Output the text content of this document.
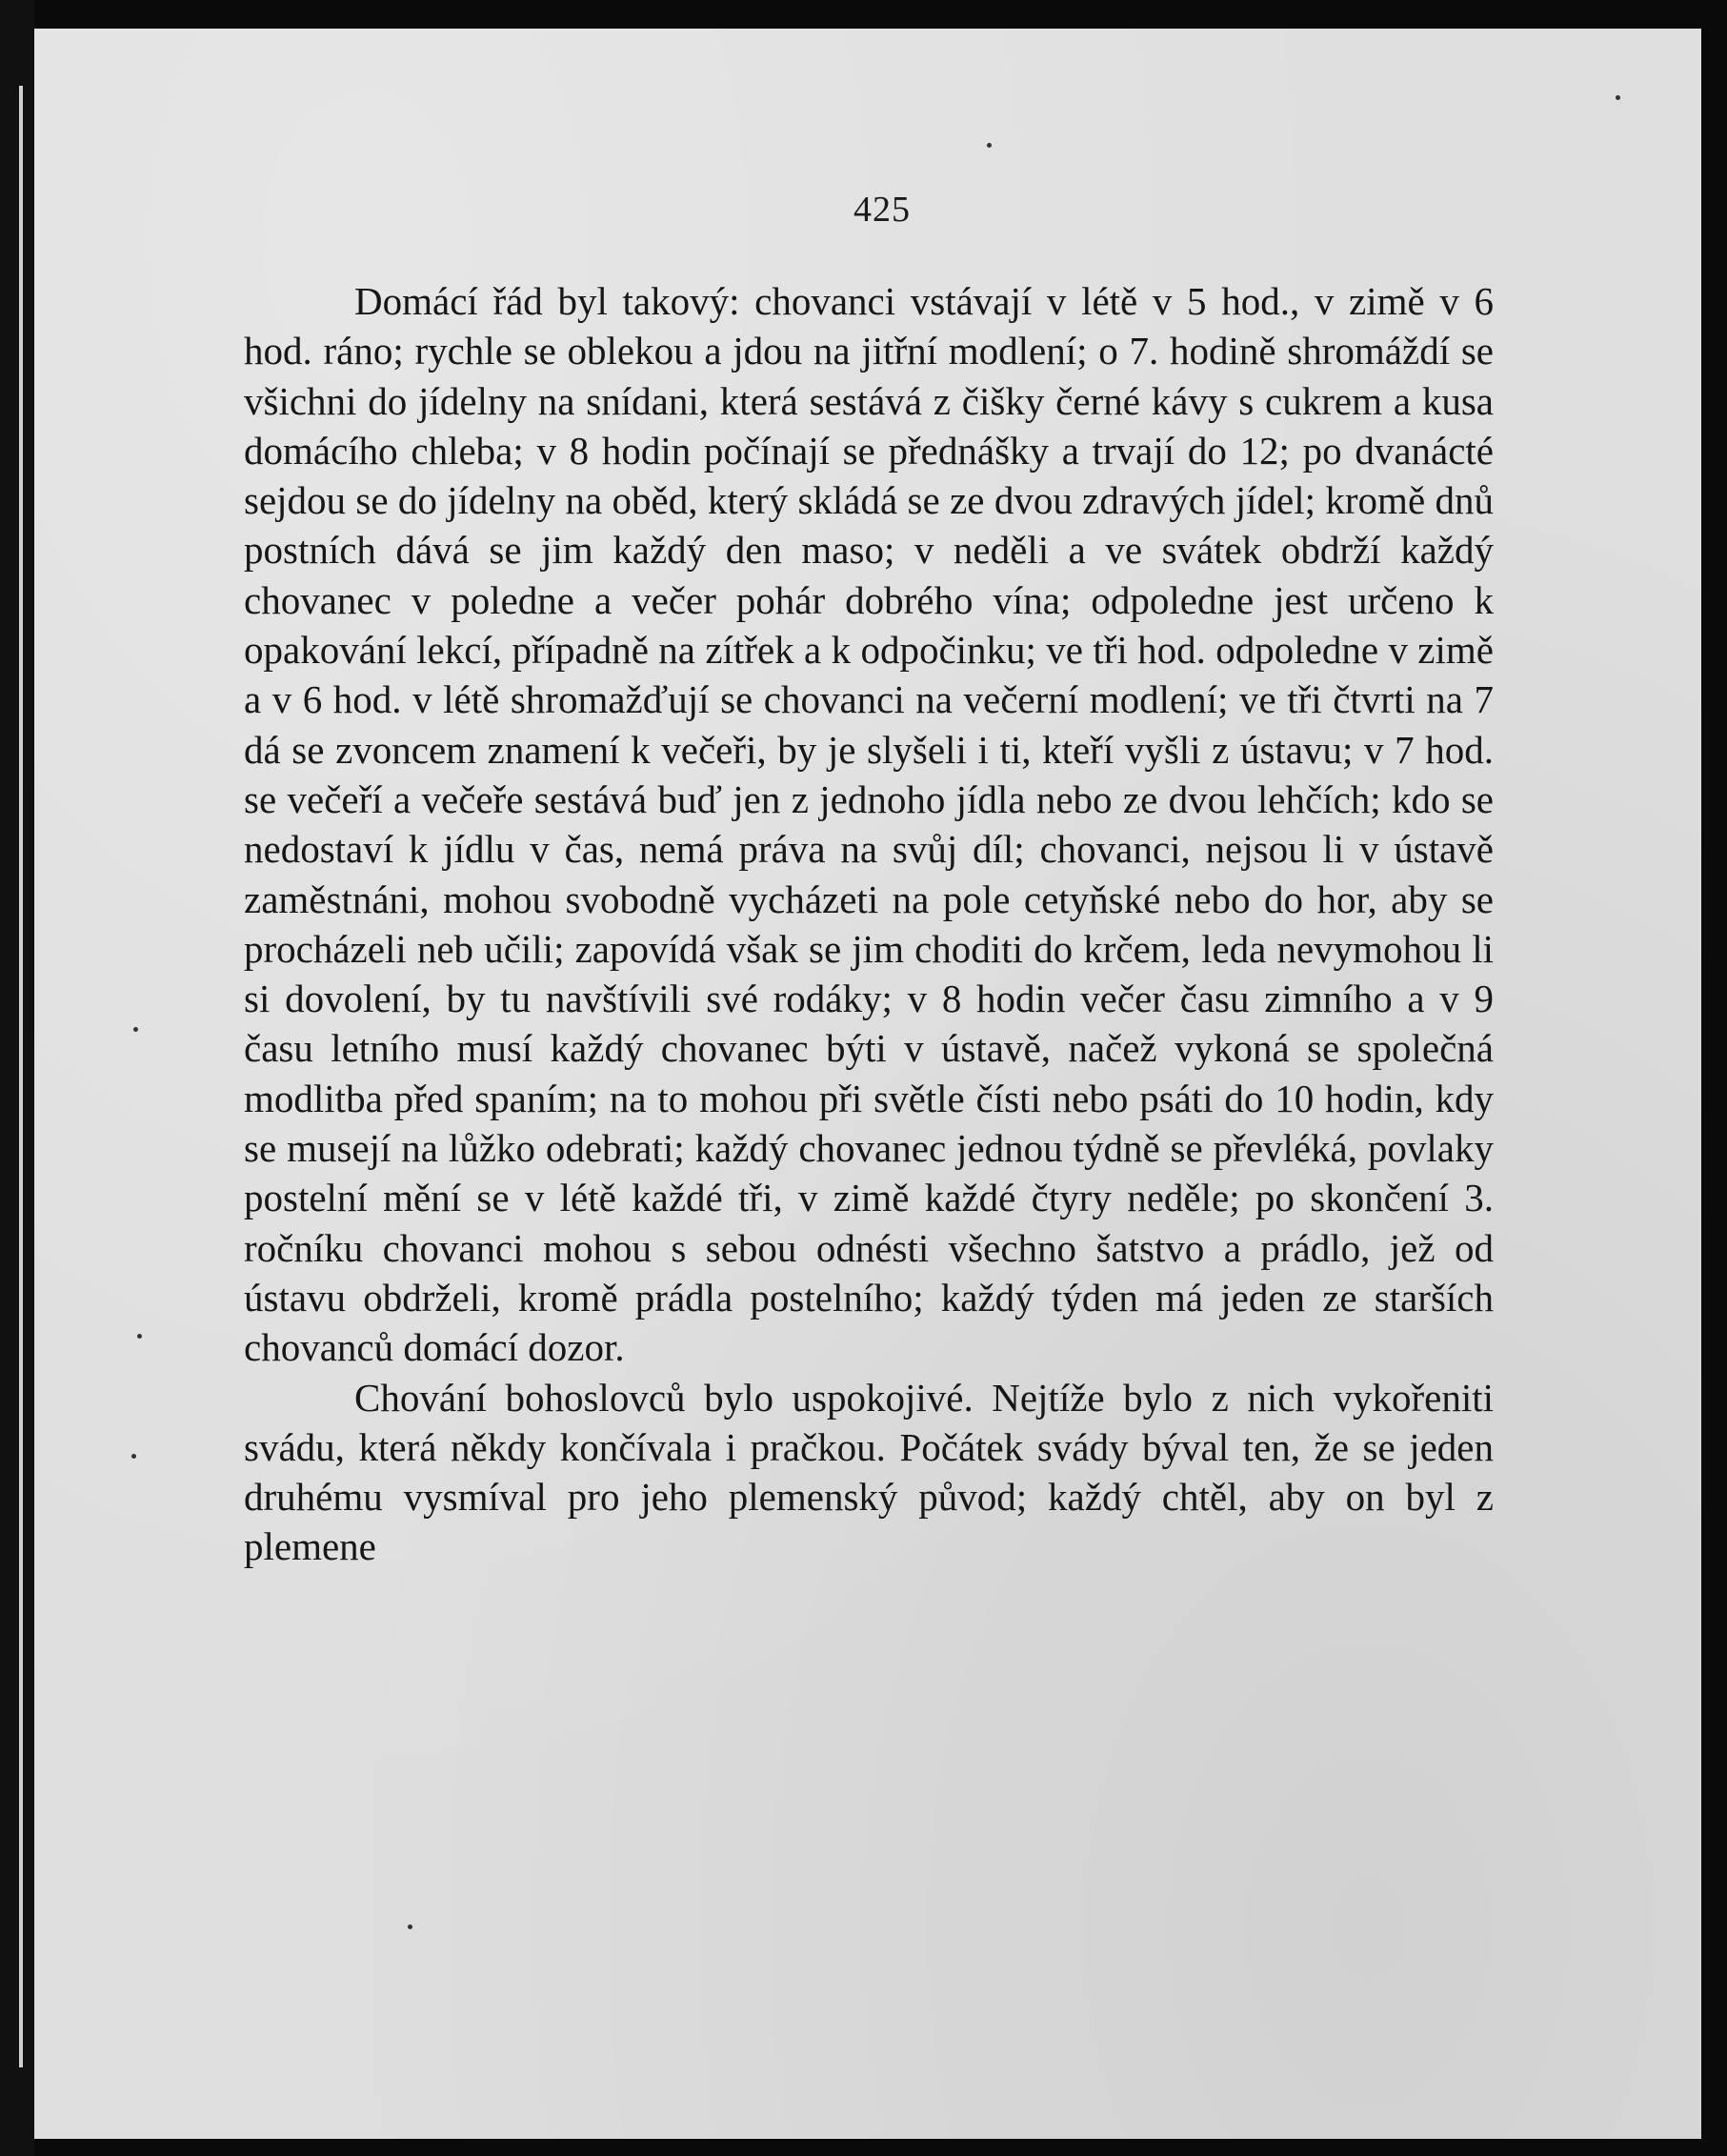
425

Domácí řád byl takový: chovanci vstávají v létě v 5 hod., v zimě v 6 hod. ráno; rychle se oblekou a jdou na jitřní modlení; o 7. hodině shromáždí se všichni do jídelny na snídani, která sestává z čišky černé kávy s cukrem a kusa domácího chleba; v 8 hodin počínají se přednášky a trvají do 12; po dvanácté sejdou se do jídelny na oběd, který skládá se ze dvou zdravých jídel; kromě dnů postních dává se jim každý den maso; v neděli a ve svátek obdrží každý chovanec v poledne a večer pohár dobrého vína; odpoledne jest určeno k opakování lekcí, případně na zítřek a k odpočinku; ve tři hod. odpoledne v zimě a v 6 hod. v létě shromažďují se chovanci na večerní modlení; ve tři čtvrti na 7 dá se zvoncem znamení k večeři, by je slyšeli i ti, kteří vyšli z ústavu; v 7 hod. se večeří a večeře sestává buď jen z jednoho jídla nebo ze dvou lehčích; kdo se nedostaví k jídlu v čas, nemá práva na svůj díl; chovanci, nejsou li v ústavě zaměstnáni, mohou svobodně vycházeti na pole cetyňské nebo do hor, aby se procházeli neb učili; zapovídá však se jim choditi do krčem, leda nevymohou li si dovolení, by tu navštívili své rodáky; v 8 hodin večer času zimního a v 9 času letního musí každý chovanec býti v ústavě, načež vykoná se společná modlitba před spaním; na to mohou při světle čísti nebo psáti do 10 hodin, kdy se musejí na lůžko odebrati; každý chovanec jednou týdně se převléká, povlaky postelní mění se v létě každé tři, v zimě každé čtyry neděle; po skončení 3. ročníku chovanci mohou s sebou odnésti všechno šatstvo a prádlo, jež od ústavu obdrželi, kromě prádla postelního; každý týden má jeden ze starších chovanců domácí dozor.

Chování bohoslovců bylo uspokojivé. Nejtíže bylo z nich vykořeniti svádu, která někdy končívala i pračkou. Počátek svády býval ten, že se jeden druhému vysmíval pro jeho plemenský původ; každý chtěl, aby on byl z plemene
